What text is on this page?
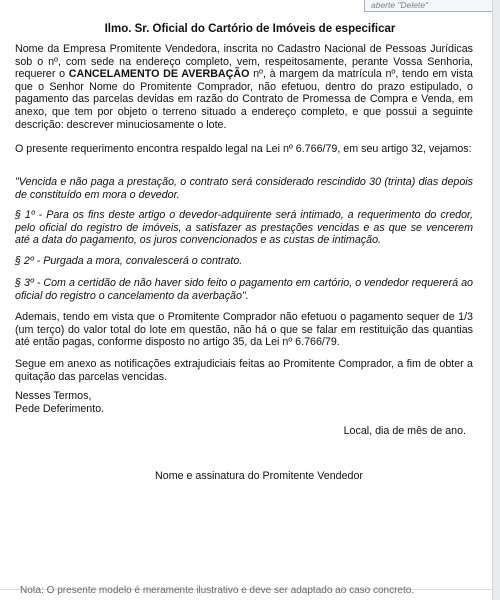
aberte "Delete"
Ilmo. Sr. Oficial do Cartório de Imóveis de especificar
Nome da Empresa Promitente Vendedora, inscrita no Cadastro Nacional de Pessoas Jurídicas sob o nº, com sede na endereço completo, vem, respeitosamente, perante Vossa Senhoria, requerer o CANCELAMENTO DE AVERBAÇÃO nº, à margem da matrícula nº, tendo em vista que o Senhor Nome do Promitente Comprador, não efetuou, dentro do prazo estipulado, o pagamento das parcelas devidas em razão do Contrato de Promessa de Compra e Venda, em anexo, que tem por objeto o terreno situado a endereço completo, e que possui a seguinte descrição: descrever minuciosamente o lote.
O presente requerimento encontra respaldo legal na Lei nº 6.766/79, em seu artigo 32, vejamos:
"Vencida e não paga a prestação, o contrato será considerado rescindido 30 (trinta) dias depois de constituído em mora o devedor.
§ 1º - Para os fins deste artigo o devedor-adquirente será intimado, a requerimento do credor, pelo oficial do registro de imóveis, a satisfazer as prestações vencidas e as que se vencerem até a data do pagamento, os juros convencionados e as custas de intimação.
§ 2º - Purgada a mora, convalescerá o contrato.
§ 3º - Com a certidão de não haver sido feito o pagamento em cartório, o vendedor requererá ao oficial do registro o cancelamento da averbação".
Ademais, tendo em vista que o Promitente Comprador não efetuou o pagamento sequer de 1/3 (um terço) do valor total do lote em questão, não há o que se falar em restituição das quantias até então pagas, conforme disposto no artigo 35, da Lei nº 6.766/79.
Segue em anexo as notificações extrajudiciais feitas ao Promitente Comprador, a fim de obter a quitação das parcelas vencidas.
Nesses Termos,
Pede Deferimento.
Local, dia de mês de ano.
Nome e assinatura do Promitente Vendedor
Nota: O presente modelo é meramente ilustrativo e deve ser adaptado ao caso concreto.
